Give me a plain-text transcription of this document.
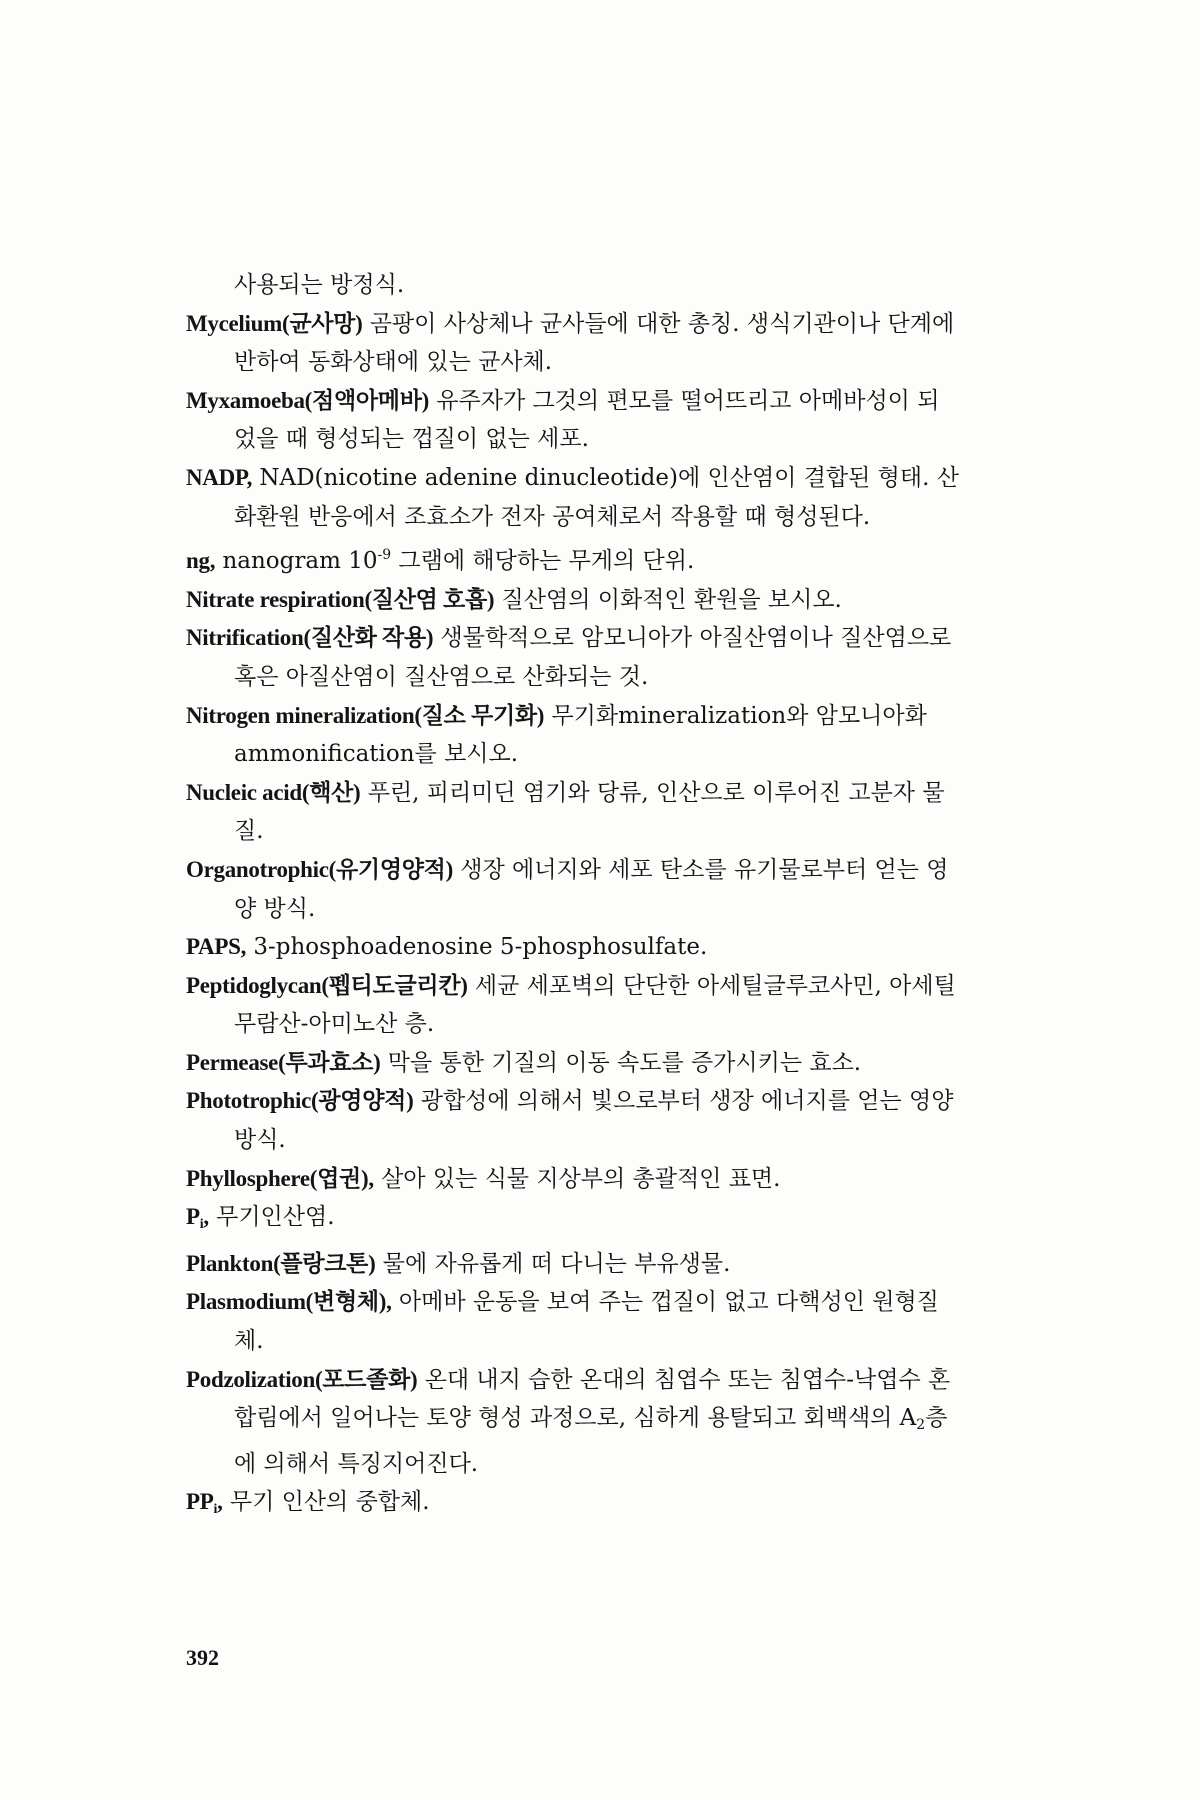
사용되는 방정식.
Mycelium(균사망) 곰팡이 사상체나 균사들에 대한 총칭. 생식기관이나 단계에 반하여 동화상태에 있는 균사체.
Myxamoeba(점액아메바) 유주자가 그것의 편모를 떨어뜨리고 아메바성이 되었을 때 형성되는 껍질이 없는 세포.
NADP, NAD(nicotine adenine dinucleotide)에 인산염이 결합된 형태. 산화환원 반응에서 조효소가 전자 공여체로서 작용할 때 형성된다.
ng, nanogram $10^{-9}$ 그램에 해당하는 무게의 단위.
Nitrate respiration(질산염 호흡) 질산염의 이화적인 환원을 보시오.
Nitrification(질산화 작용) 생물학적으로 암모니아가 아질산염이나 질산염으로 혹은 아질산염이 질산염으로 산화되는 것.
Nitrogen mineralization(질소 무기화) 무기화mineralization와 암모니아화ammonification를 보시오.
Nucleic acid(핵산) 푸린, 피리미딘 염기와 당류, 인산으로 이루어진 고분자 물질.
Organotrophic(유기영양적) 생장 에너지와 세포 탄소를 유기물로부터 얻는 영양 방식.
PAPS, 3-phosphoadenosine 5-phosphosulfate.
Peptidoglycan(펩티도글리칸) 세균 세포벽의 단단한 아세틸글루코사민, 아세틸무람산-아미노산 층.
Permease(투과효소) 막을 통한 기질의 이동 속도를 증가시키는 효소.
Phototrophic(광영양적) 광합성에 의해서 빛으로부터 생장 에너지를 얻는 영양 방식.
Phyllosphere(엽권), 살아 있는 식물 지상부의 총괄적인 표면.
$P_i$, 무기인산염.
Plankton(플랑크톤) 물에 자유롭게 떠 다니는 부유생물.
Plasmodium(변형체), 아메바 운동을 보여 주는 껍질이 없고 다핵성인 원형질체.
Podzolization(포드졸화) 온대 내지 습한 온대의 침엽수 또는 침엽수-낙엽수 혼합림에서 일어나는 토양 형성 과정으로, 심하게 용탈되고 회백색의 $A_2$층에 의해서 특징지어진다.
$PP_i$, 무기 인산의 중합체.
392
